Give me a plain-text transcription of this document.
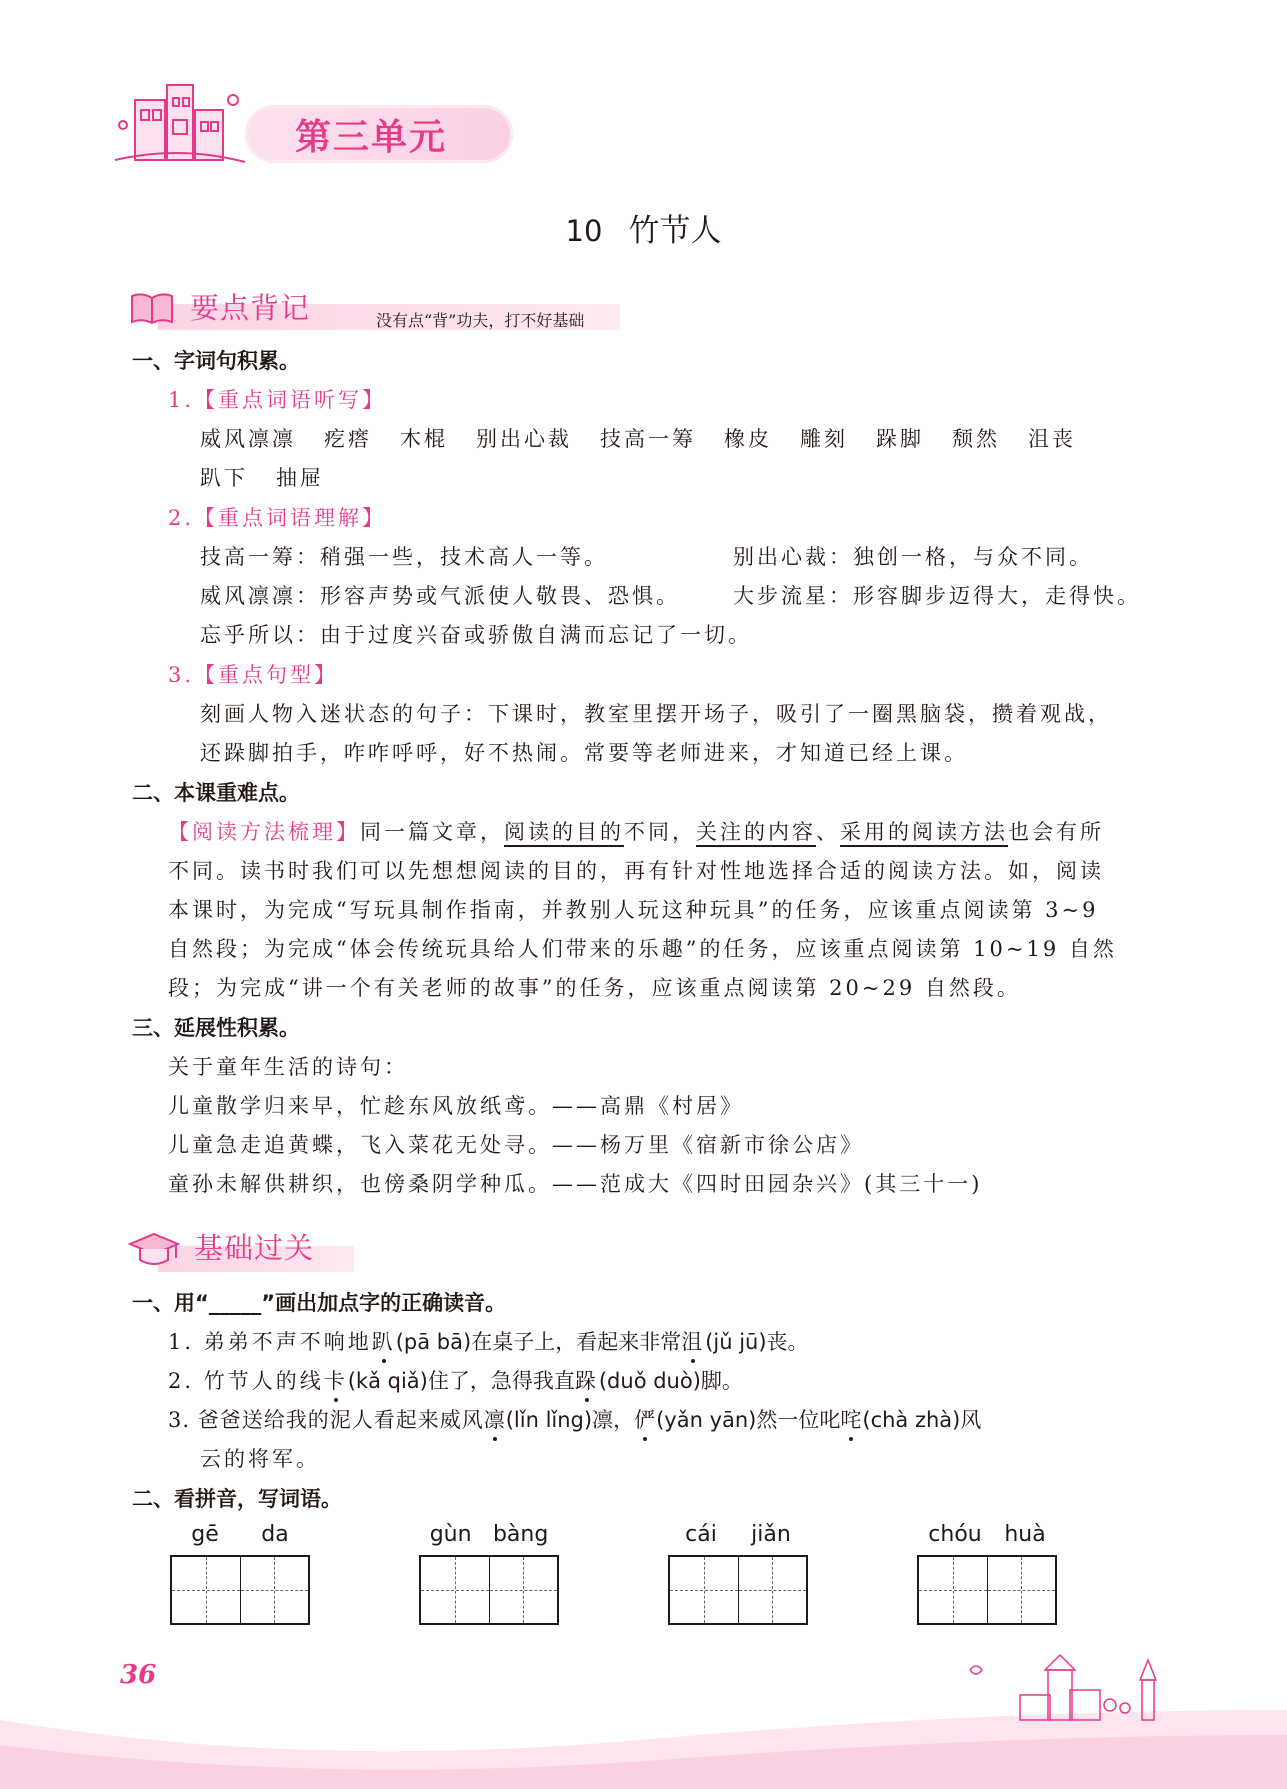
第三单元
10 竹节人
要点背记	没有点“背”功夫，打不好基础
一、字词句积累。
1.【重点词语听写】
威风凛凛 疙瘩 木棍 别出心裁 技高一筹 橡皮 雕刻 跺脚 颓然 沮丧
趴下 抽屉
2.【重点词语理解】
技高一筹：稍强一些，技术高人一等。	别出心裁：独创一格，与众不同。
威风凛凛：形容声势或气派使人敬畏、恐惧。	大步流星：形容脚步迈得大，走得快。
忘乎所以：由于过度兴奋或骄傲自满而忘记了一切。
3.【重点句型】
刻画人物入迷状态的句子：下课时，教室里摆开场子，吸引了一圈黑脑袋，攒着观战，
还跺脚拍手，咋咋呼呼，好不热闹。常要等老师进来，才知道已经上课。
二、本课重难点。
【阅读方法梳理】同一篇文章，阅读的目的不同，关注的内容、采用的阅读方法也会有所
不同。读书时我们可以先想想阅读的目的，再有针对性地选择合适的阅读方法。如，阅读
本课时，为完成“写玩具制作指南，并教别人玩这种玩具”的任务，应该重点阅读第 3~9
自然段；为完成“体会传统玩具给人们带来的乐趣”的任务，应该重点阅读第 10~19 自然
段；为完成“讲一个有关老师的故事”的任务，应该重点阅读第 20~29 自然段。
三、延展性积累。
关于童年生活的诗句：
儿童散学归来早，忙趁东风放纸鸢。——高鼎《村居》
儿童急走追黄蝶，飞入菜花无处寻。——杨万里《宿新市徐公店》
童孙未解供耕织，也傍桑阴学种瓜。——范成大《四时田园杂兴》(其三十一)
基础过关
一、用“_____”画出加点字的正确读音。
1. 弟弟不声不响地趴(pā bā)在桌子上，看起来非常沮(jǔ jū)丧。
2. 竹节人的线卡(kǎ qiǎ)住了，急得我直跺(duǒ duò)脚。
3. 爸爸送给我的泥人看起来威风凛(lǐn lǐng)凛，俨(yǎn yān)然一位叱咤(chà zhà)风
云的将军。
二、看拼音，写词语。
gē da	gùn bàng	cái jiǎn	chóu huà
36
